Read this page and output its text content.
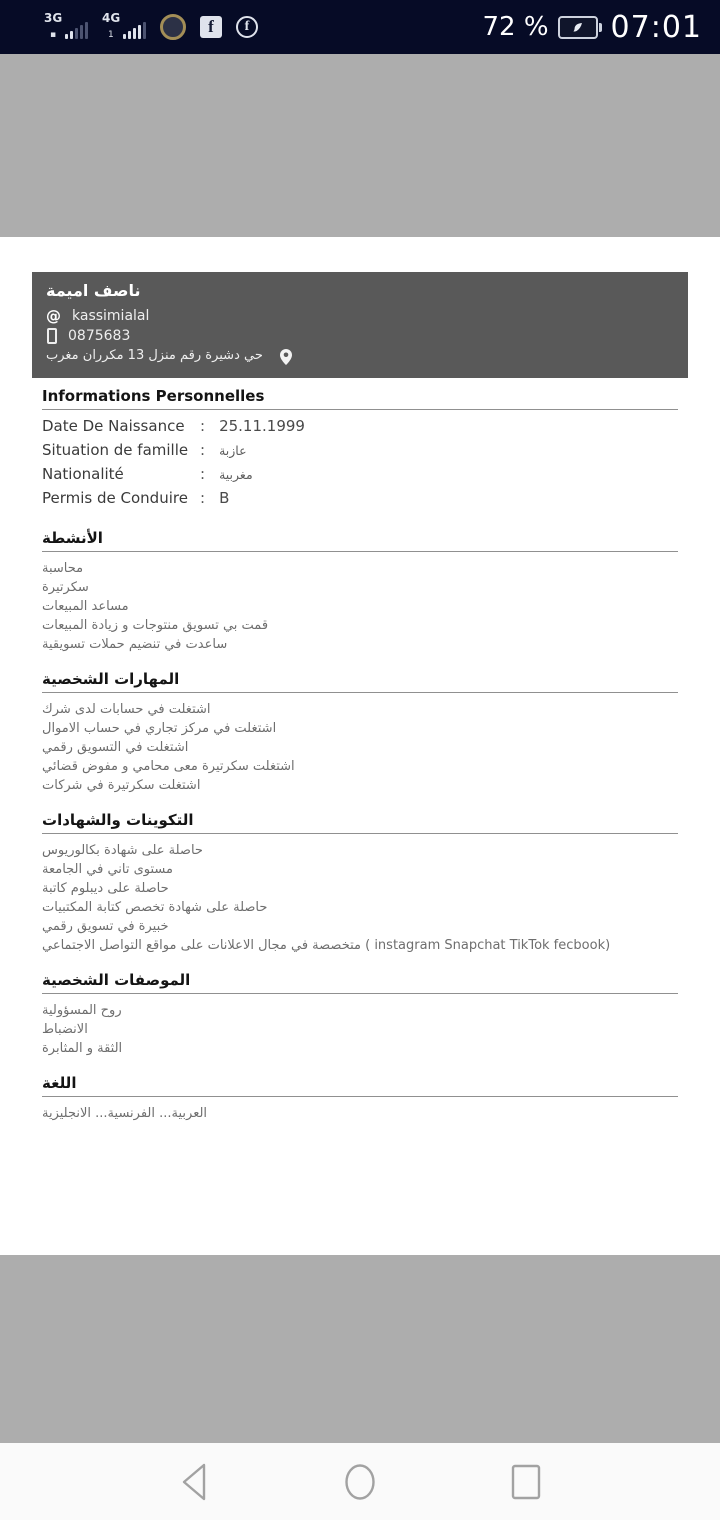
3G
▪
4G
1	f	f	72 % 07:01
ناصف اميمة
@ kassimialal
0875683
حي دشيرة رقم منزل 13 مكرران مغرب
Informations Personnelles
Date De Naissance	: 25.11.1999
Situation de famille : عازبة
Nationalité	: مغربية
Permis de Conduire : B
الأنشطة
محاسبة
سكرتيرة
مساعد المبيعات
قمت بي تسويق منتوجات و زيادة المبيعات
ساعدت في تنضيم حملات تسويقية
المهارات الشخصية
اشتغلت في حسابات لدى شرك
اشتغلت في مركز تجاري في حساب الاموال
اشتغلت في التسويق رقمي
اشتغلت سكرتيرة معى محامي و مفوض قضائي
اشتغلت سكرتيرة في شركات
التكوينات والشهادات
حاصلة على شهادة بكالوريوس
مستوى تاني في الجامعة
حاصلة على ديبلوم كاتبة
حاصلة على شهادة تخصص كتابة المكتبيات
خبيرة في تسويق رقمي
متخصصة في مجال الاعلانات على مواقع التواصل الاجتماعي ( instagram Snapchat TikTok fecbook)
الموصفات الشخصية
روح المسؤولية
الانضباط
الثقة و المثابرة
اللغة
العربية... الفرنسية... الانجليزية
